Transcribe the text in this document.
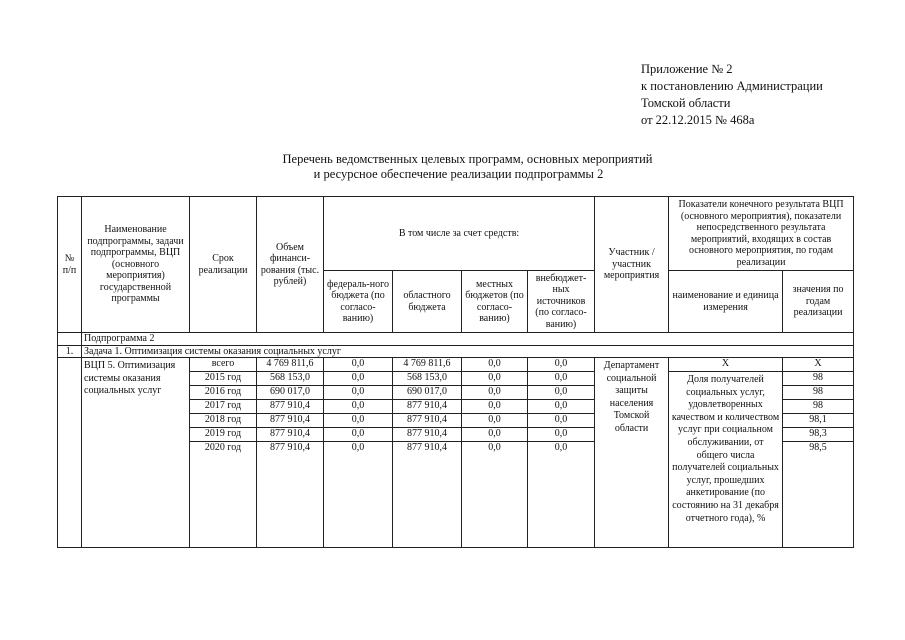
Приложение № 2
к постановлению Администрации
Томской области
от 22.12.2015 № 468а
Перечень ведомственных целевых программ, основных мероприятий
и ресурсное обеспечение реализации подпрограммы 2
№ п/п	Наименование подпрограммы, задачи подпрограммы, ВЦП (основного мероприятия) государственной программы	Срок реализации	Объем финанси-рования (тыс. рублей)	В том числе за счет средств:				Участник / участник мероприятия	Показатели конечного результата ВЦП (основного мероприятия), показатели непосредственного результата мероприятий, входящих в состав основного мероприятия, по годам реализации	
				федераль-ного бюджета (по согласо-ванию)	областного бюджета	местных бюджетов (по согласо-ванию)	внебюджет-ных источников (по согласо-ванию)		наименование и единица измерения	значения по годам реализации
	Подпрограмма 2									
1.	Задача 1. Оптимизация системы оказания социальных услуг									
	ВЦП 5. Оптимизация системы оказания социальных услуг	всего	4 769 811,6	0,0	4 769 811,6	0,0	0,0	Департамент социальной защиты населения Томской области	Х	Х
		2015 год	568 153,0	0,0	568 153,0	0,0	0,0		Доля получателей социальных услуг, удовлетворенных качеством и количеством услуг при социальном обслуживании, от общего числа получателей социальных услуг, прошедших анкетирование (по состоянию на 31 декабря отчетного года), %	98
		2016 год	690 017,0	0,0	690 017,0	0,0	0,0			98
		2017 год	877 910,4	0,0	877 910,4	0,0	0,0			98
		2018 год	877 910,4	0,0	877 910,4	0,0	0,0			98,1
		2019 год	877 910,4	0,0	877 910,4	0,0	0,0			98,3
		2020 год	877 910,4	0,0	877 910,4	0,0	0,0			98,5
